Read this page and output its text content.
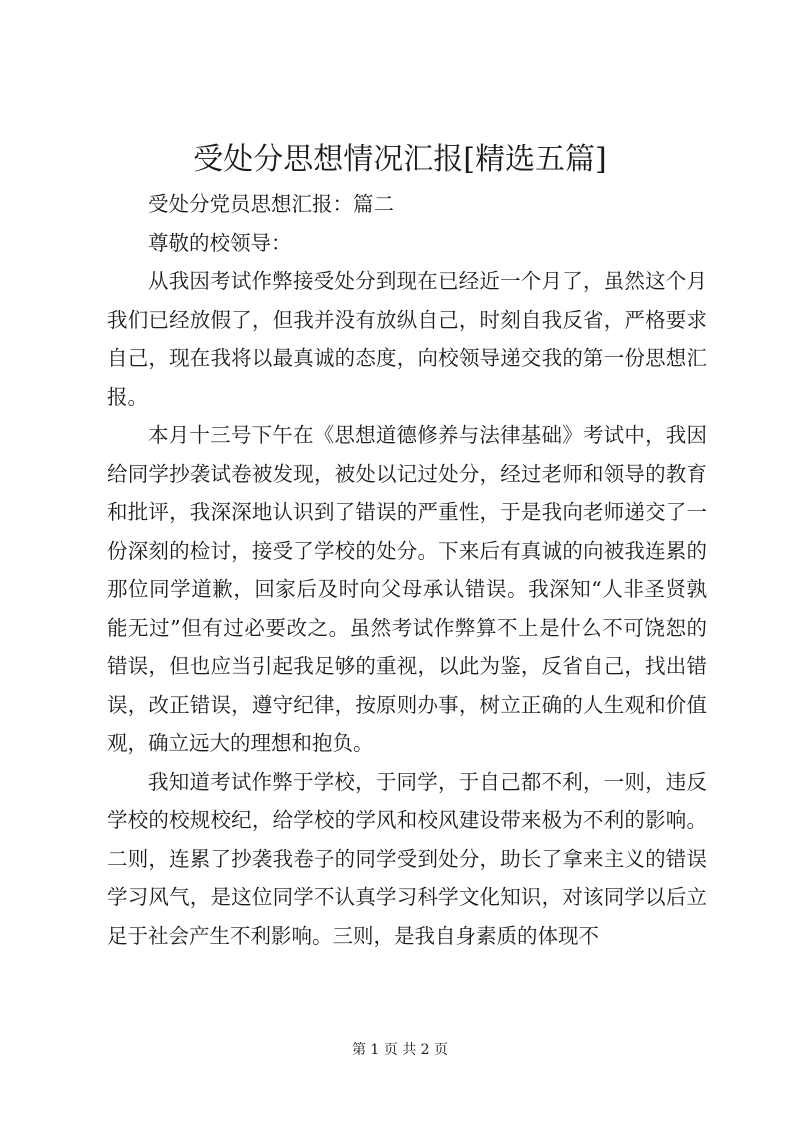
受处分思想情况汇报[精选五篇]

受处分党员思想汇报：篇二

尊敬的校领导：

从我因考试作弊接受处分到现在已经近一个月了，虽然这个月我们已经放假了，但我并没有放纵自己，时刻自我反省，严格要求自己，现在我将以最真诚的态度，向校领导递交我的第一份思想汇报。

本月十三号下午在《思想道德修养与法律基础》考试中，我因给同学抄袭试卷被发现，被处以记过处分，经过老师和领导的教育和批评，我深深地认识到了错误的严重性，于是我向老师递交了一份深刻的检讨，接受了学校的处分。下来后有真诚的向被我连累的那位同学道歉，回家后及时向父母承认错误。我深知“人非圣贤孰能无过”但有过必要改之。虽然考试作弊算不上是什么不可饶恕的错误，但也应当引起我足够的重视，以此为鉴，反省自己，找出错误，改正错误，遵守纪律，按原则办事，树立正确的人生观和价值观，确立远大的理想和抱负。

我知道考试作弊于学校，于同学，于自己都不利，一则，违反学校的校规校纪，给学校的学风和校风建设带来极为不利的影响。二则，连累了抄袭我卷子的同学受到处分，助长了拿来主义的错误学习风气，是这位同学不认真学习科学文化知识，对该同学以后立足于社会产生不利影响。三则，是我自身素质的体现不

第 1 页 共 2 页
